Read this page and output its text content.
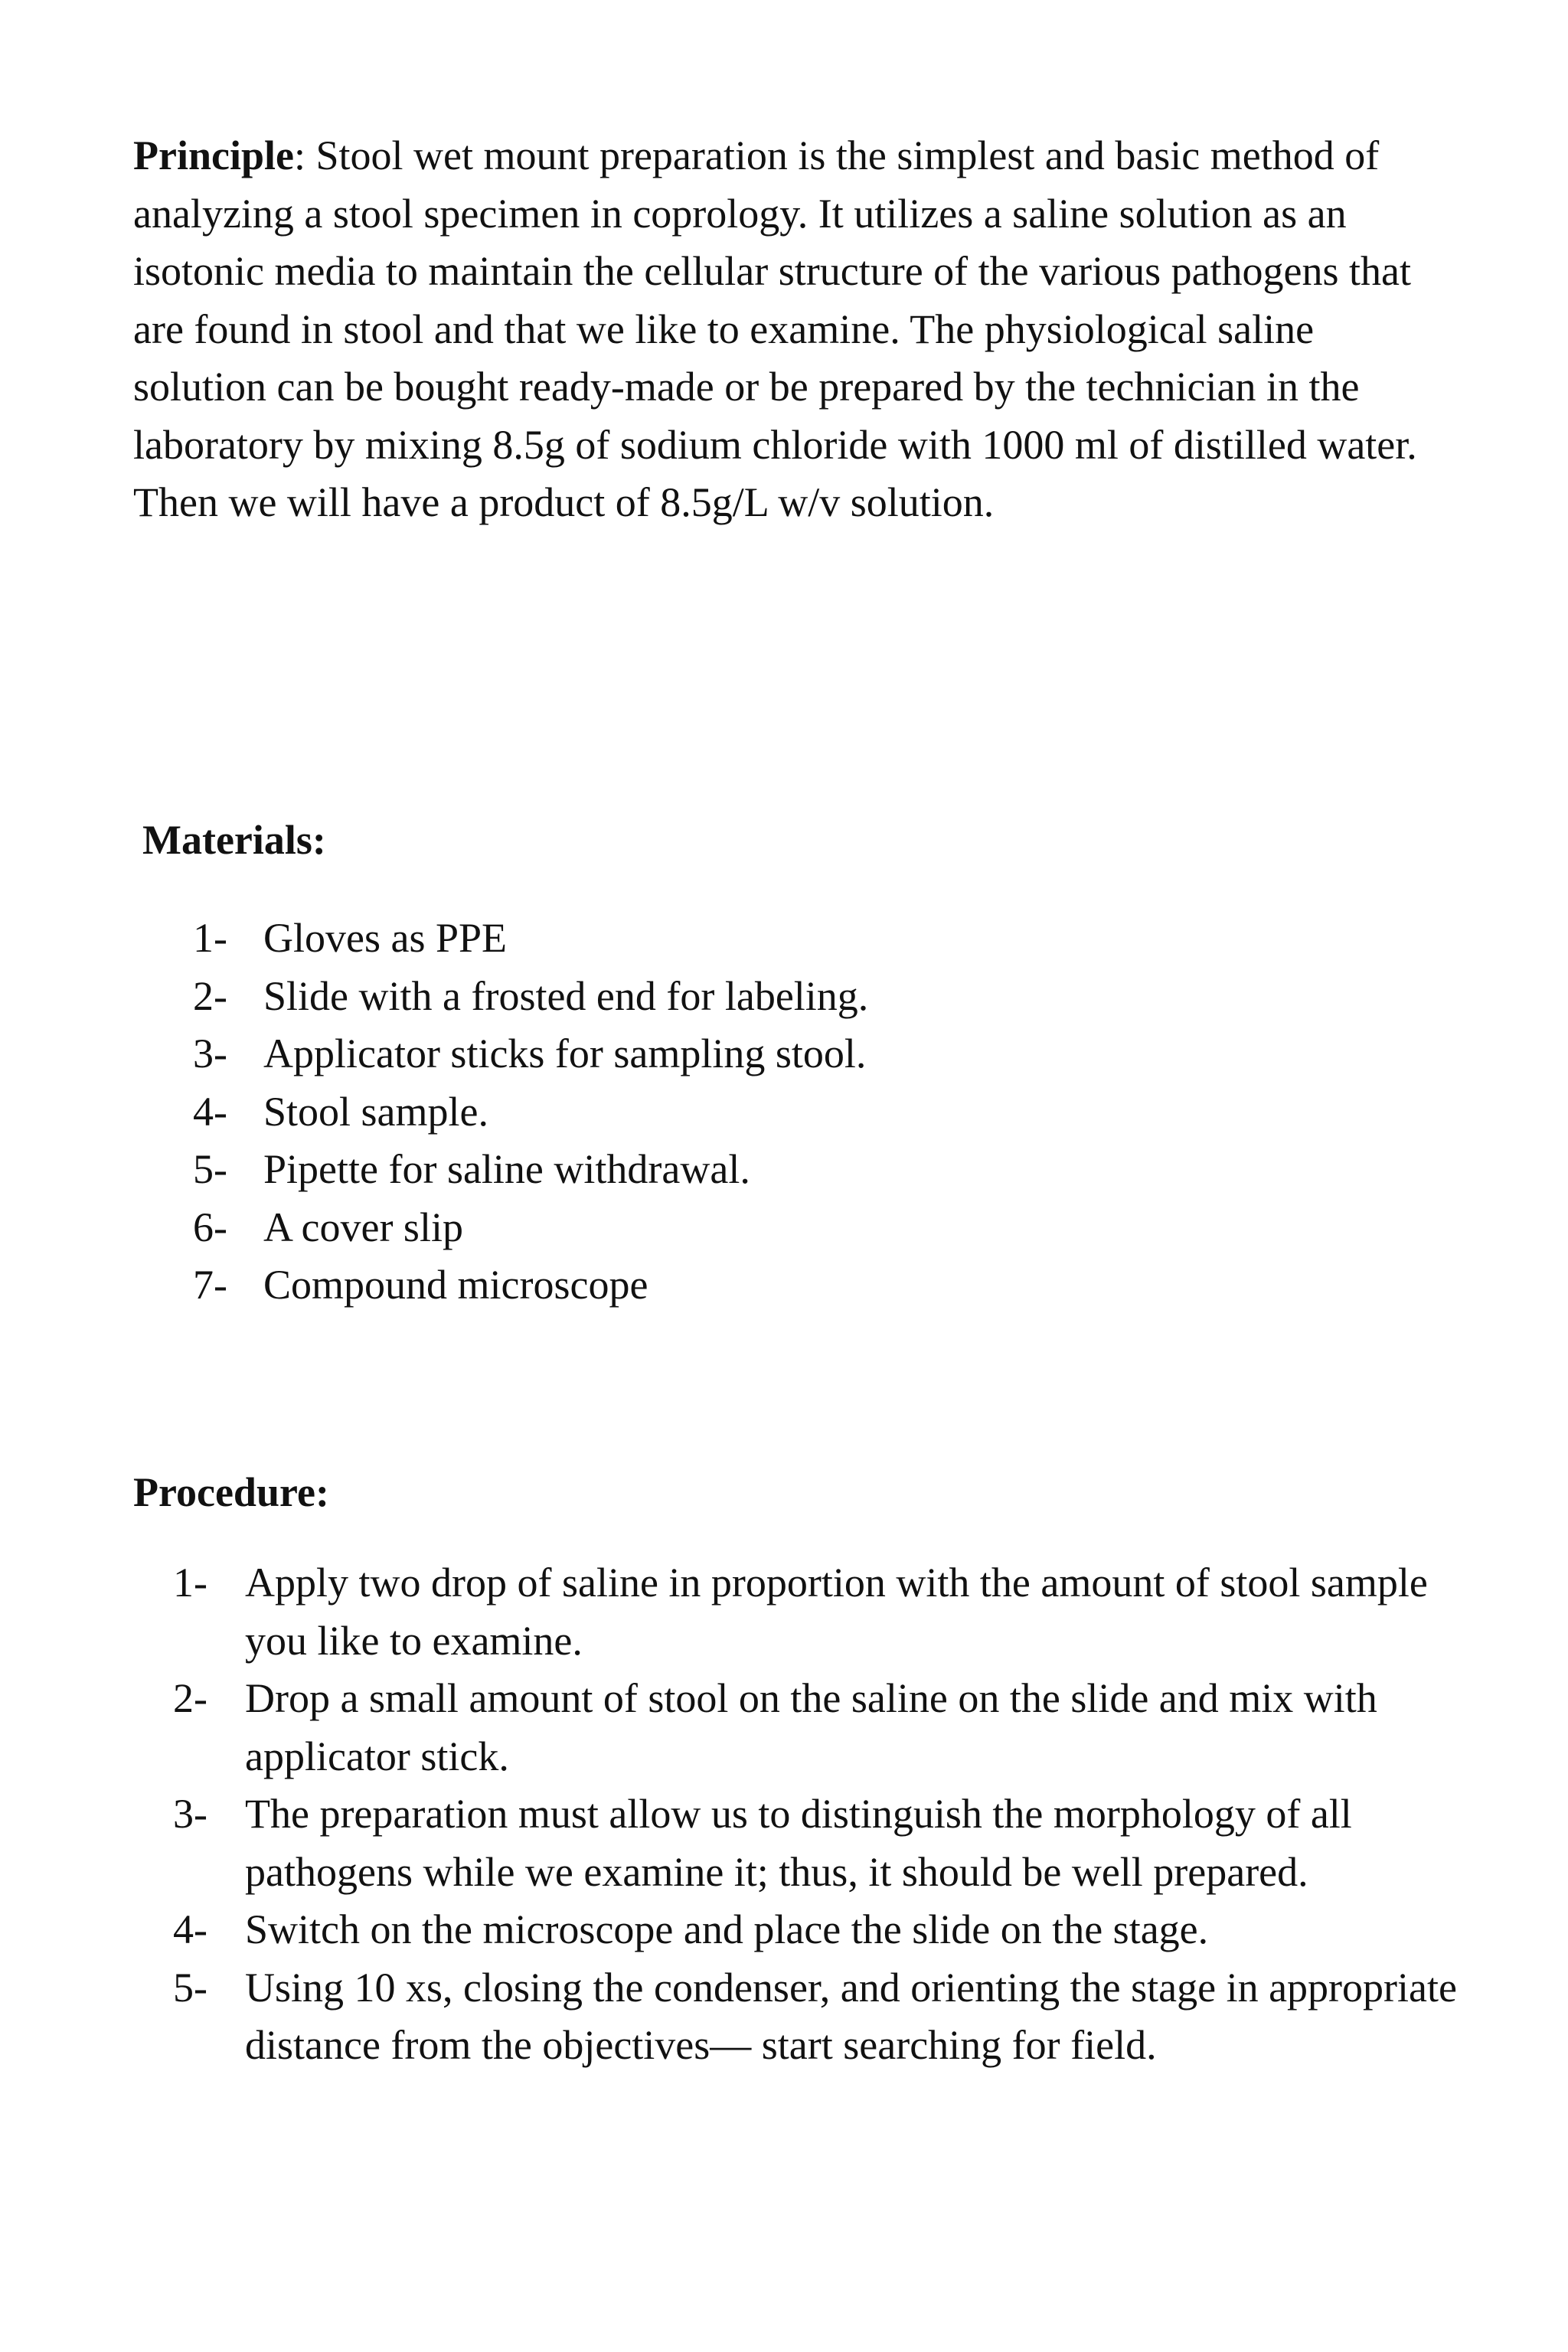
Principle: Stool wet mount preparation is the simplest and basic method of analyzing a stool specimen in coprology. It utilizes a saline solution as an isotonic media to maintain the cellular structure of the various pathogens that are found in stool and that we like to examine. The physiological saline solution can be bought ready-made or be prepared by the technician in the laboratory by mixing 8.5g of sodium chloride with 1000 ml of distilled water. Then we will have a product of 8.5g/L w/v solution.

Materials:
1- Gloves as PPE
2- Slide with a frosted end for labeling.
3- Applicator sticks for sampling stool.
4- Stool sample.
5- Pipette for saline withdrawal.
6- A cover slip
7- Compound microscope
Procedure:
1- Apply two drop of saline in proportion with the amount of stool sample you like to examine.
2- Drop a small amount of stool on the saline on the slide and mix with applicator stick.
3- The preparation must allow us to distinguish the morphology of all pathogens while we examine it; thus, it should be well prepared.
4- Switch on the microscope and place the slide on the stage.
5- Using 10 xs, closing the condenser, and orienting the stage in appropriate distance from the objectives— start searching for field.
